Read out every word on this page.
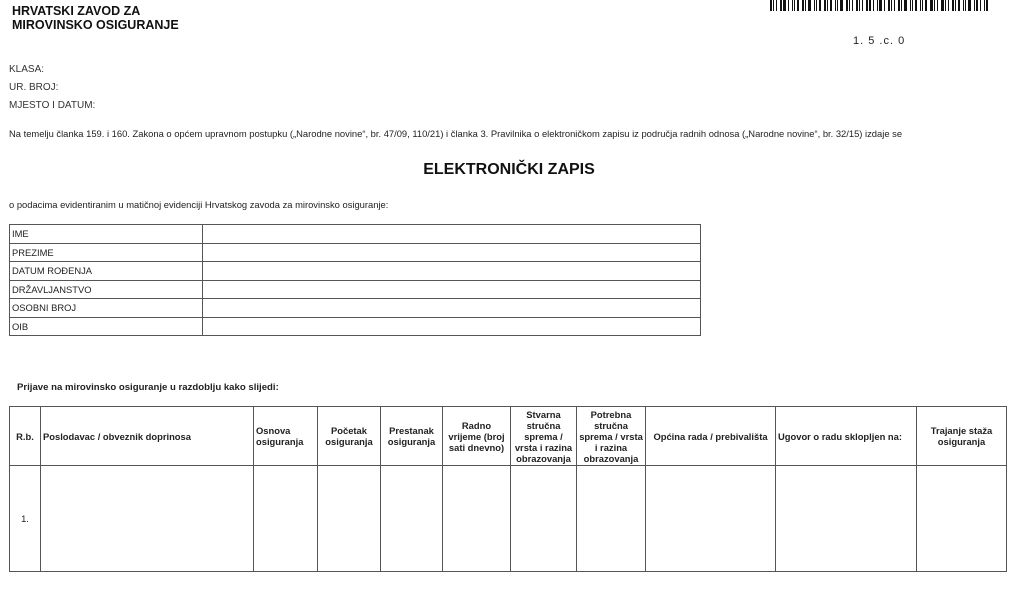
HRVATSKI ZAVOD ZA
MIROVINSKO OSIGURANJE
1. 5 .c. 0
KLASA:
UR. BROJ:
MJESTO I DATUM:
Na temelju članka 159. i 160. Zakona o općem upravnom postupku („Narodne novine“, br. 47/09, 110/21) i članka 3. Pravilnika o elektroničkom zapisu iz područja radnih odnosa („Narodne novine“, br. 32/15) izdaje se
ELEKTRONIČKI ZAPIS
o podacima evidentiranim u matičnoj evidenciji Hrvatskog zavoda za mirovinsko osiguranje:
IME	
PREZIME	
DATUM ROĐENJA	
DRŽAVLJANSTVO	
OSOBNI BROJ	
OIB	
Prijave na mirovinsko osiguranje u razdoblju kako slijedi:
R.b.	Poslodavac / obveznik doprinosa	Osnova osiguranja	Početak osiguranja	Prestanak osiguranja	Radno vrijeme (broj sati dnevno)	Stvarna stručna sprema / vrsta i razina obrazovanja	Potrebna stručna sprema / vrsta i razina obrazovanja	Općina rada / prebivališta	Ugovor o radu sklopljen na:	Trajanje staža osiguranja
1.										
